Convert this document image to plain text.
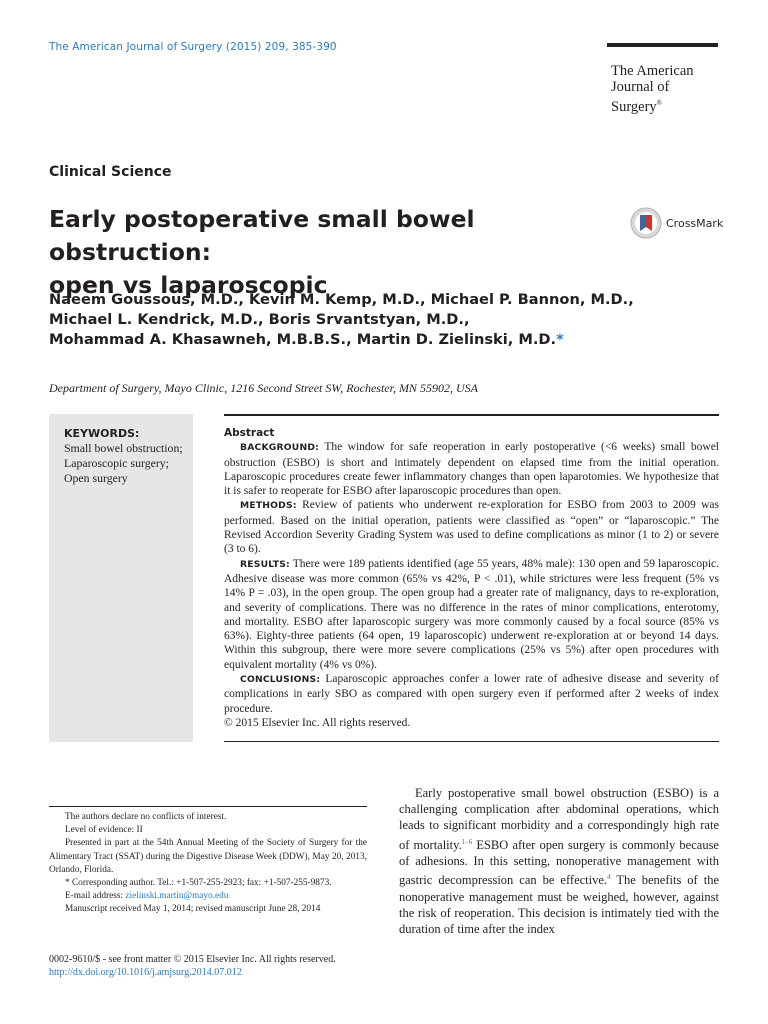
The American Journal of Surgery (2015) 209, 385-390
The American
Journal of Surgery®
Clinical Science
Early postoperative small bowel obstruction:
open vs laparoscopic
CrossMark
Naeem Goussous, M.D., Kevin M. Kemp, M.D., Michael P. Bannon, M.D.,
Michael L. Kendrick, M.D., Boris Srvantstyan, M.D.,
Mohammad A. Khasawneh, M.B.B.S., Martin D. Zielinski, M.D.*
Department of Surgery, Mayo Clinic, 1216 Second Street SW, Rochester, MN 55902, USA
KEYWORDS:
Small bowel obstruction;
Laparoscopic surgery;
Open surgery
Abstract

BACKGROUND: The window for safe reoperation in early postoperative (<6 weeks) small bowel obstruction (ESBO) is short and intimately dependent on elapsed time from the initial operation. Laparoscopic procedures create fewer inflammatory changes than open laparotomies. We hypothesize that it is safer to reoperate for ESBO after laparoscopic procedures than open.

METHODS: Review of patients who underwent re-exploration for ESBO from 2003 to 2009 was performed. Based on the initial operation, patients were classified as “open” or “laparoscopic.” The Revised Accordion Severity Grading System was used to define complications as minor (1 to 2) or severe (3 to 6).

RESULTS: There were 189 patients identified (age 55 years, 48% male): 130 open and 59 laparoscopic. Adhesive disease was more common (65% vs 42%, P < .01), while strictures were less frequent (5% vs 14% P = .03), in the open group. The open group had a greater rate of malignancy, days to re-exploration, and severity of complications. There was no difference in the rates of minor complications, enterotomy, and mortality. ESBO after laparoscopic surgery was more commonly caused by a focal source (85% vs 63%). Eighty-three patients (64 open, 19 laparoscopic) underwent re-exploration at or beyond 14 days. Within this subgroup, there were more severe complications (25% vs 5%) after open procedures with equivalent mortality (4% vs 0%).

CONCLUSIONS: Laparoscopic approaches confer a lower rate of adhesive disease and severity of complications in early SBO as compared with open surgery even if performed after 2 weeks of index procedure.

© 2015 Elsevier Inc. All rights reserved.

The authors declare no conflicts of interest.

Level of evidence: II

Presented in part at the 54th Annual Meeting of the Society of Surgery for the Alimentary Tract (SSAT) during the Digestive Disease Week (DDW), May 20, 2013, Orlando, Florida.

* Corresponding author. Tel.: +1-507-255-2923; fax: +1-507-255-9873.

E-mail address: zielinski.martin@mayo.edu

Manuscript received May 1, 2014; revised manuscript June 28, 2014

Early postoperative small bowel obstruction (ESBO) is a challenging complication after abdominal operations, which leads to significant morbidity and a correspondingly high rate of mortality.$^{1-6}$ ESBO after open surgery is commonly because of adhesions. In this setting, nonoperative management with gastric decompression can be effective.$^4$ The benefits of the nonoperative management must be weighed, however, against the risk of reoperation. This decision is intimately tied with the duration of time after the index

0002-9610/$ - see front matter © 2015 Elsevier Inc. All rights reserved.
http://dx.doi.org/10.1016/j.amjsurg.2014.07.012
